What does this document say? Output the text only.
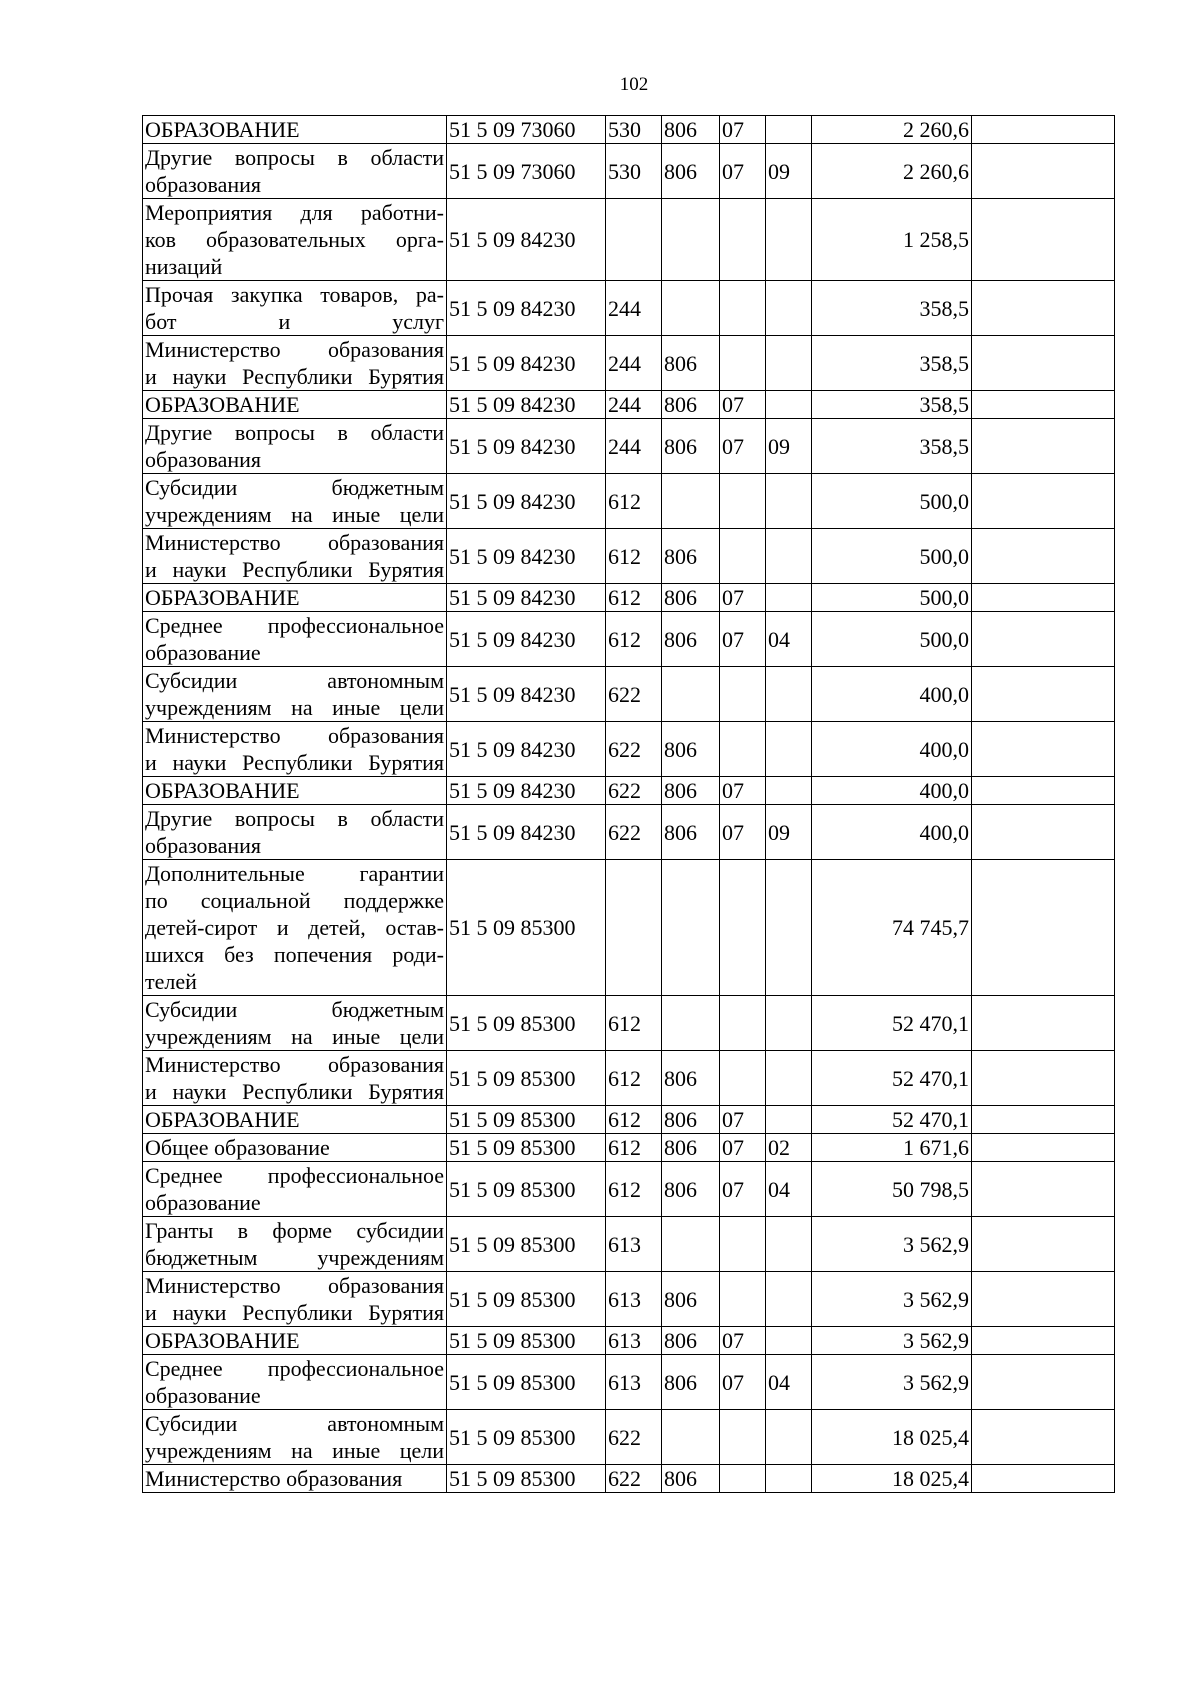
102
ОБРАЗОВАНИЕ	51 5 09 73060	530	806	07		2 260,6	

Другие вопросы в области
образования	51 5 09 73060	530	806	07	09	2 260,6	

Мероприятия для работни-
ков образовательных орга-
низаций	51 5 09 84230					1 258,5	

Прочая закупка товаров, ра-
бот и услуг	51 5 09 84230	244				358,5	

Министерство образования
и науки Республики Бурятия	51 5 09 84230	244	806			358,5	

ОБРАЗОВАНИЕ	51 5 09 84230	244	806	07		358,5	

Другие вопросы в области
образования	51 5 09 84230	244	806	07	09	358,5	

Субсидии бюджетным
учреждениям на иные цели	51 5 09 84230	612				500,0	

Министерство образования
и науки Республики Бурятия	51 5 09 84230	612	806			500,0	

ОБРАЗОВАНИЕ	51 5 09 84230	612	806	07		500,0	

Среднее профессиональное
образование	51 5 09 84230	612	806	07	04	500,0	

Субсидии автономным
учреждениям на иные цели	51 5 09 84230	622				400,0	

Министерство образования
и науки Республики Бурятия	51 5 09 84230	622	806			400,0	

ОБРАЗОВАНИЕ	51 5 09 84230	622	806	07		400,0	

Другие вопросы в области
образования	51 5 09 84230	622	806	07	09	400,0	

Дополнительные гарантии
по социальной поддержке
детей-сирот и детей, остав-
шихся без попечения роди-
телей	51 5 09 85300					74 745,7	

Субсидии бюджетным
учреждениям на иные цели	51 5 09 85300	612				52 470,1	

Министерство образования
и науки Республики Бурятия	51 5 09 85300	612	806			52 470,1	

ОБРАЗОВАНИЕ	51 5 09 85300	612	806	07		52 470,1	

Общее образование	51 5 09 85300	612	806	07	02	1 671,6	

Среднее профессиональное
образование	51 5 09 85300	612	806	07	04	50 798,5	

Гранты в форме субсидии
бюджетным учреждениям	51 5 09 85300	613				3 562,9	

Министерство образования
и науки Республики Бурятия	51 5 09 85300	613	806			3 562,9	

ОБРАЗОВАНИЕ	51 5 09 85300	613	806	07		3 562,9	

Среднее профессиональное
образование	51 5 09 85300	613	806	07	04	3 562,9	

Субсидии автономным
учреждениям на иные цели	51 5 09 85300	622				18 025,4	

Министерство образования	51 5 09 85300	622	806			18 025,4	
